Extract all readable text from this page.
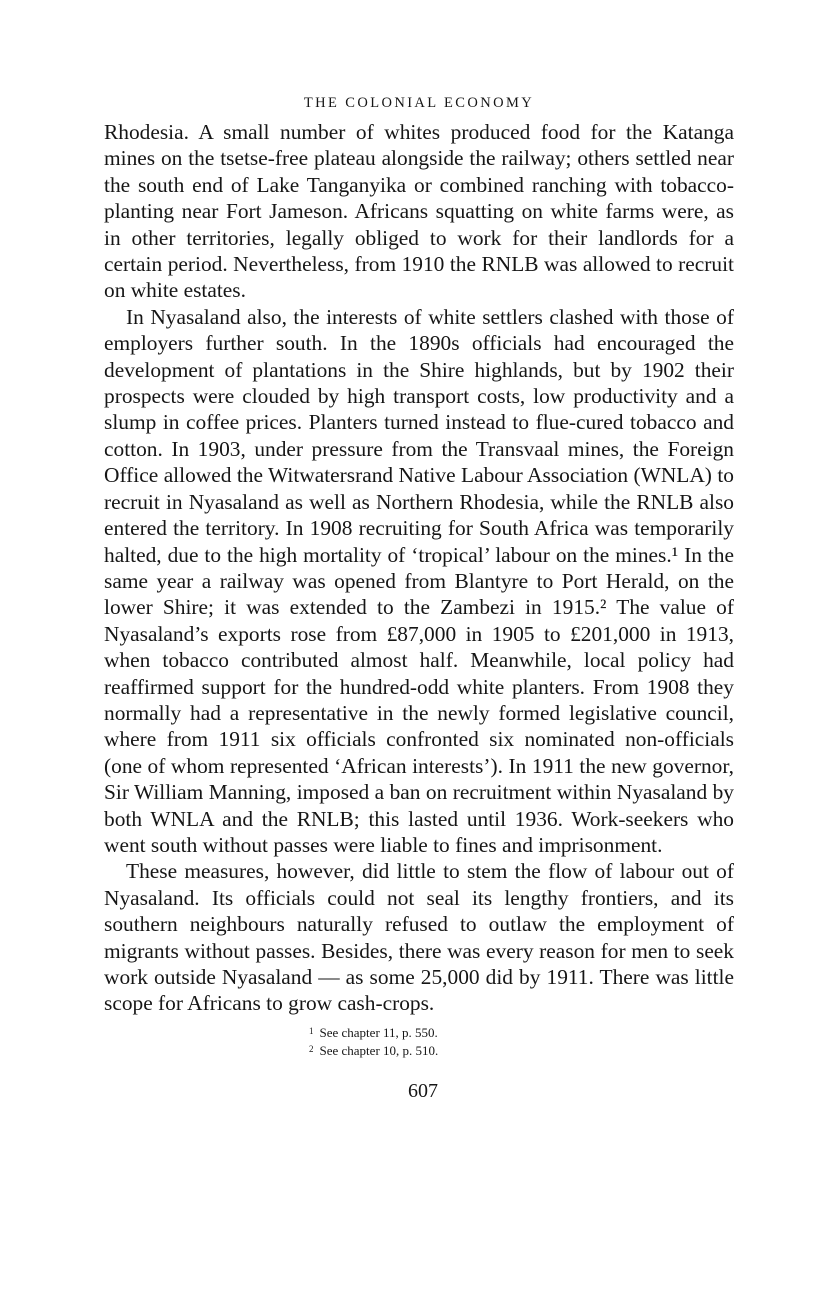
THE COLONIAL ECONOMY

Rhodesia. A small number of whites produced food for the Katanga mines on the tsetse-free plateau alongside the railway; others settled near the south end of Lake Tanganyika or combined ranching with tobacco-planting near Fort Jameson. Africans squatting on white farms were, as in other territories, legally obliged to work for their landlords for a certain period. Nevertheless, from 1910 the RNLB was allowed to recruit on white estates.

In Nyasaland also, the interests of white settlers clashed with those of employers further south. In the 1890s officials had encouraged the development of plantations in the Shire highlands, but by 1902 their prospects were clouded by high transport costs, low productivity and a slump in coffee prices. Planters turned instead to flue-cured tobacco and cotton. In 1903, under pressure from the Transvaal mines, the Foreign Office allowed the Witwatersrand Native Labour Association (WNLA) to recruit in Nyasaland as well as Northern Rhodesia, while the RNLB also entered the territory. In 1908 recruiting for South Africa was temporarily halted, due to the high mortality of ‘tropical’ labour on the mines.¹ In the same year a railway was opened from Blantyre to Port Herald, on the lower Shire; it was extended to the Zambezi in 1915.² The value of Nyasaland’s exports rose from £87,000 in 1905 to £201,000 in 1913, when tobacco contributed almost half. Meanwhile, local policy had reaffirmed support for the hundred-odd white planters. From 1908 they normally had a representative in the newly formed legislative council, where from 1911 six officials confronted six nominated non-officials (one of whom represented ‘African interests’). In 1911 the new governor, Sir William Manning, imposed a ban on recruitment within Nyasaland by both WNLA and the RNLB; this lasted until 1936. Work-seekers who went south without passes were liable to fines and imprisonment.

These measures, however, did little to stem the flow of labour out of Nyasaland. Its officials could not seal its lengthy frontiers, and its southern neighbours naturally refused to outlaw the employment of migrants without passes. Besides, there was every reason for men to seek work outside Nyasaland — as some 25,000 did by 1911. There was little scope for Africans to grow cash-crops.

$^1$ See chapter 11, p. 550.
$^2$ See chapter 10, p. 510.
607
